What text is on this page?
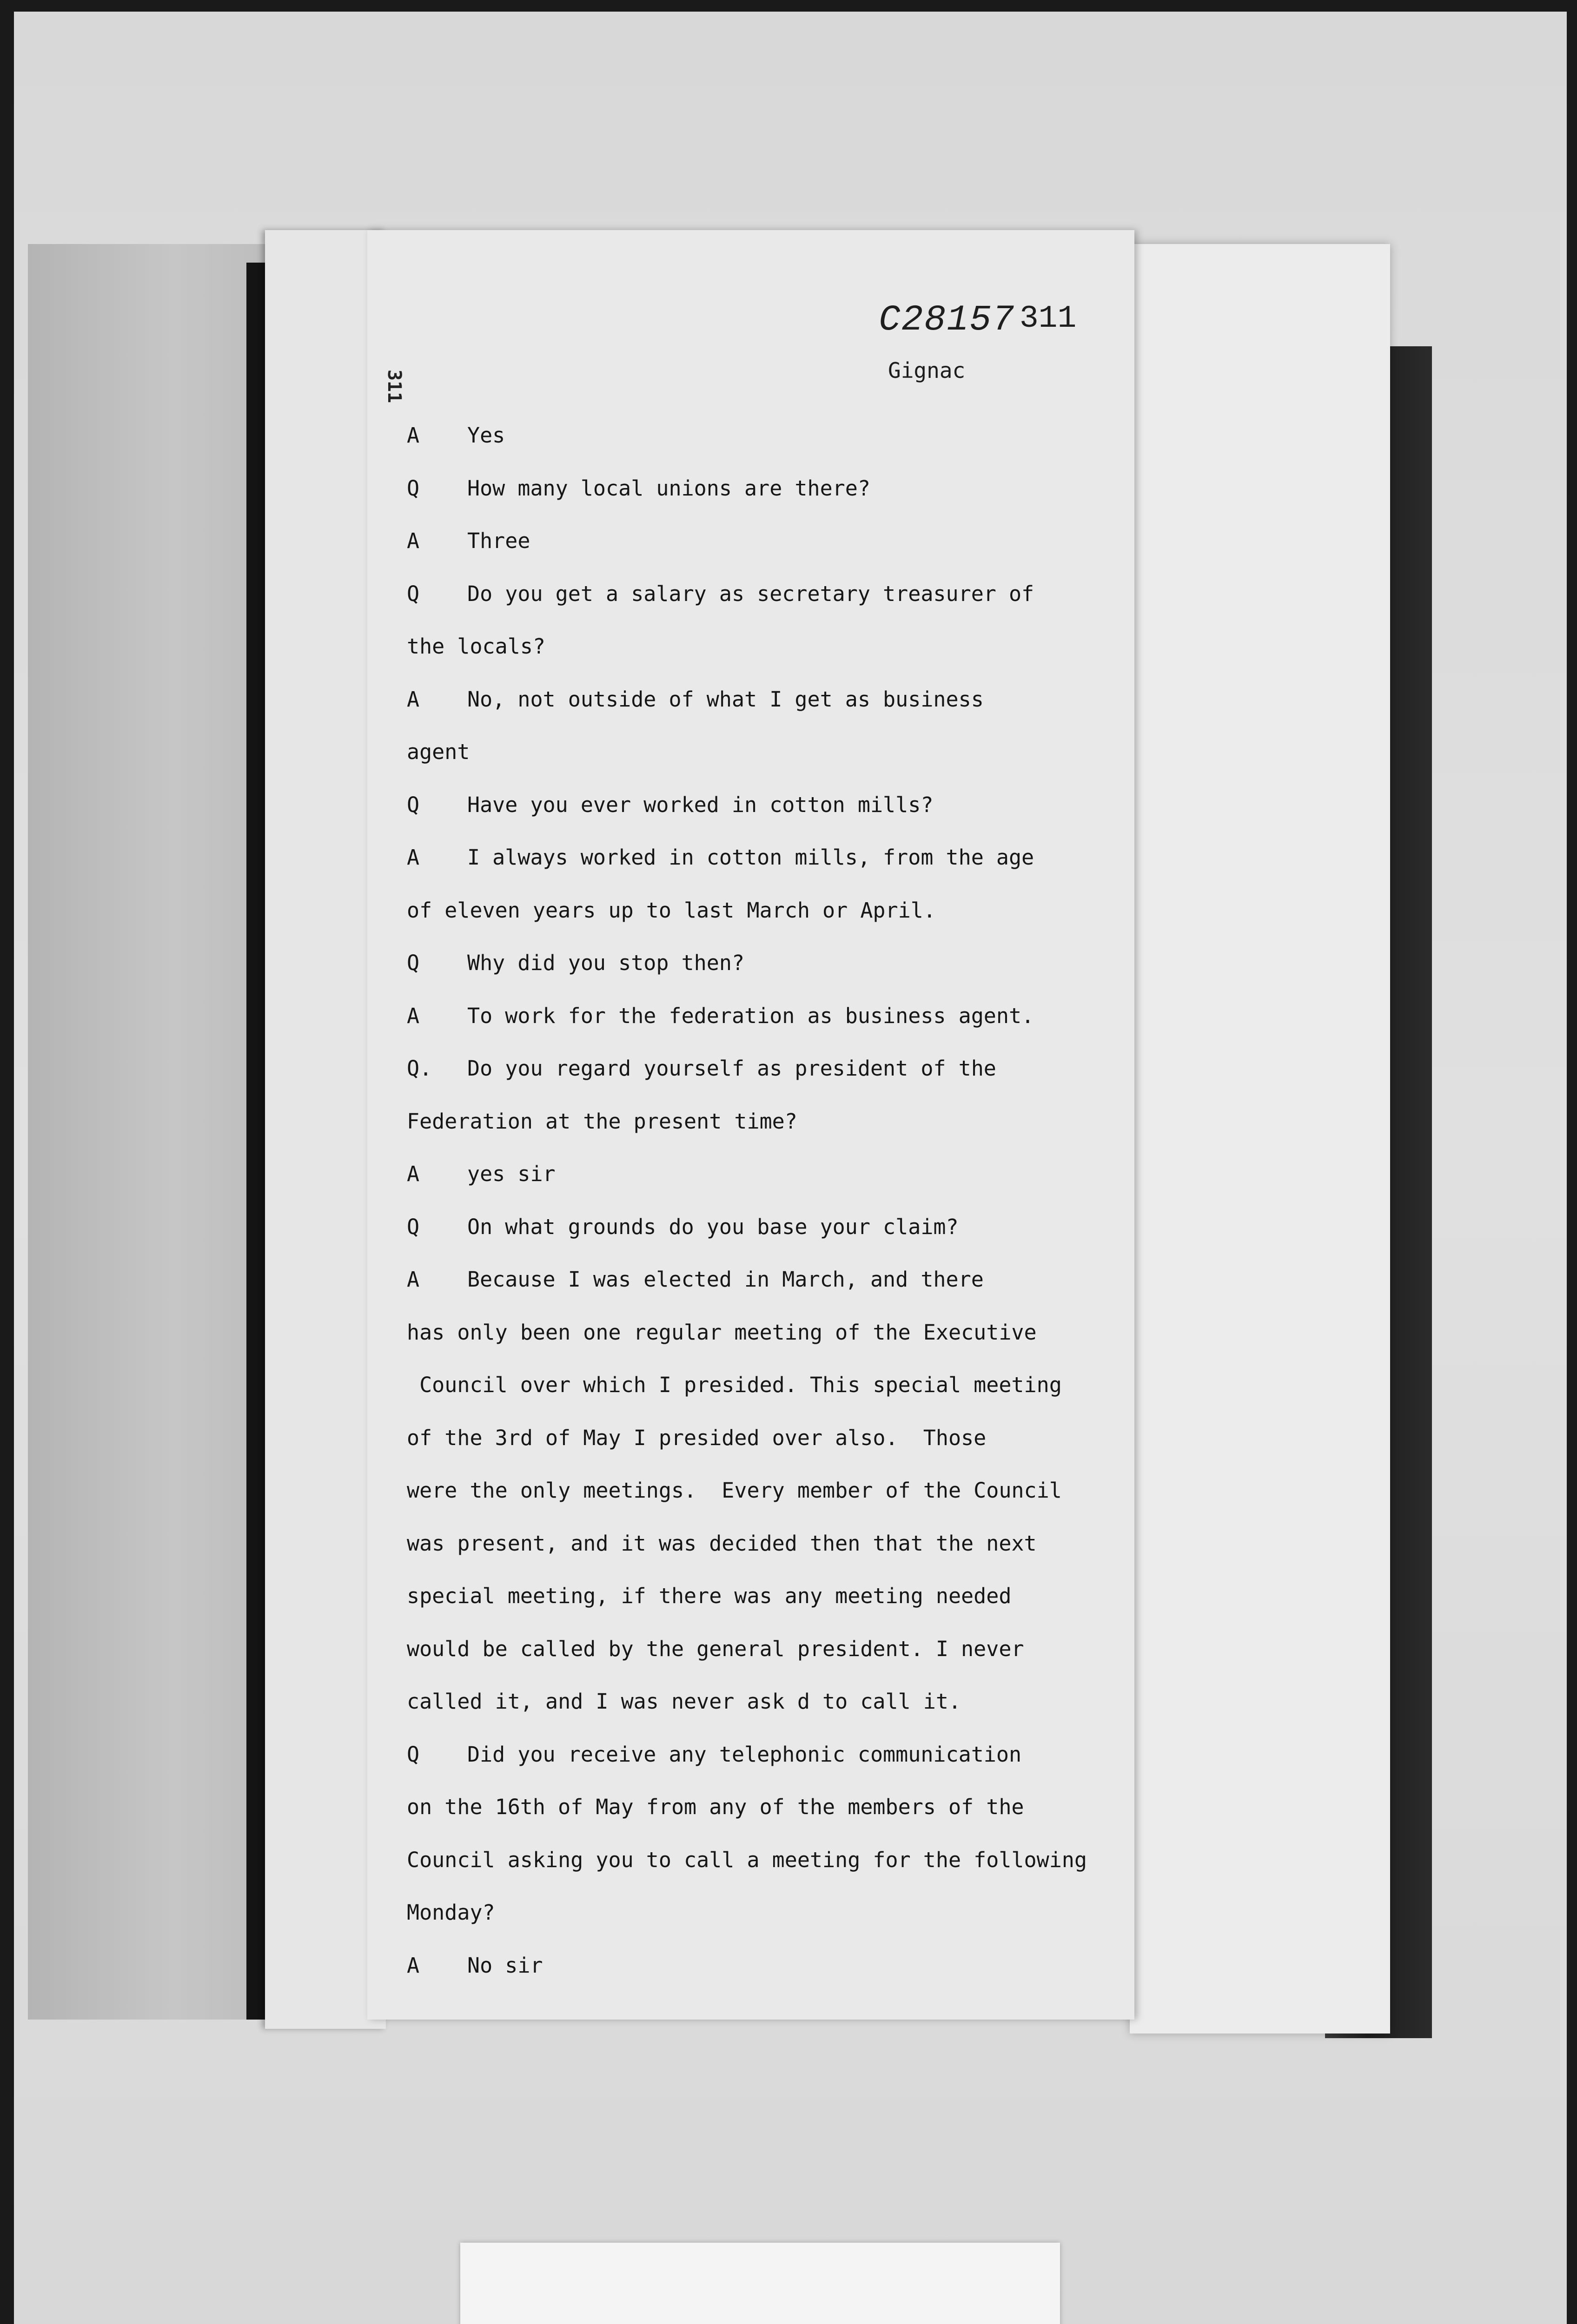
311
C28157 311
Gignac
A Yes
Q How many local unions are there?
A Three
Q Do you get a salary as secretary treasurer of
the locals?
A No, not outside of what I get as business
agent
Q Have you ever worked in cotton mills?
A I always worked in cotton mills, from the age
of eleven years up to last March or April.
Q Why did you stop then?
A To work for the federation as business agent.
Q. Do you regard yourself as president of the
Federation at the present time?
A yes sir
Q On what grounds do you base your claim?
A Because I was elected in March, and there
has only been one regular meeting of the Executive
Council over which I presided. This special meeting
of the 3rd of May I presided over also.  Those
were the only meetings.  Every member of the Council
was present, and it was decided then that the next
special meeting, if there was any meeting needed
would be called by the general president. I never
called it, and I was never ask d to call it.
Q Did you receive any telephonic communication
on the 16th of May from any of the members of the
Council asking you to call a meeting for the following
Monday?
A No sir
